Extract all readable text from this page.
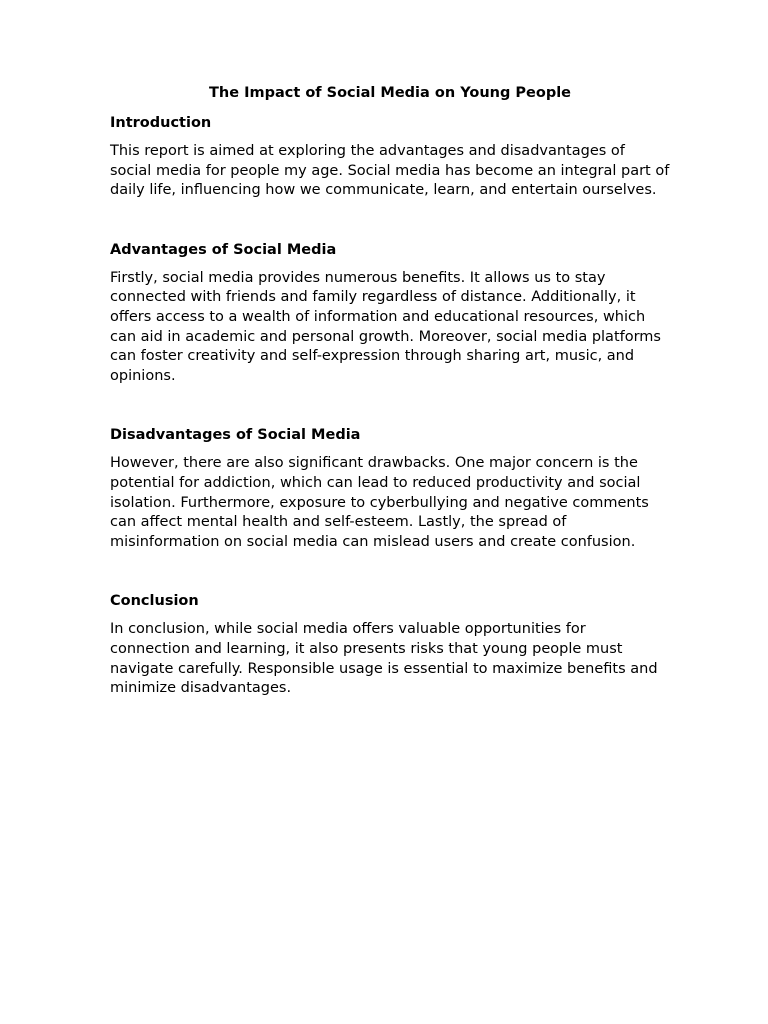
The Impact of Social Media on Young People
Introduction

This report is aimed at exploring the advantages and disadvantages of social media for people my age. Social media has become an integral part of daily life, influencing how we communicate, learn, and entertain ourselves.

Advantages of Social Media

Firstly, social media provides numerous benefits. It allows us to stay connected with friends and family regardless of distance. Additionally, it offers access to a wealth of information and educational resources, which can aid in academic and personal growth. Moreover, social media platforms can foster creativity and self-expression through sharing art, music, and opinions.

Disadvantages of Social Media

However, there are also significant drawbacks. One major concern is the potential for addiction, which can lead to reduced productivity and social isolation. Furthermore, exposure to cyberbullying and negative comments can affect mental health and self-esteem. Lastly, the spread of misinformation on social media can mislead users and create confusion.

Conclusion

In conclusion, while social media offers valuable opportunities for connection and learning, it also presents risks that young people must navigate carefully. Responsible usage is essential to maximize benefits and minimize disadvantages.
